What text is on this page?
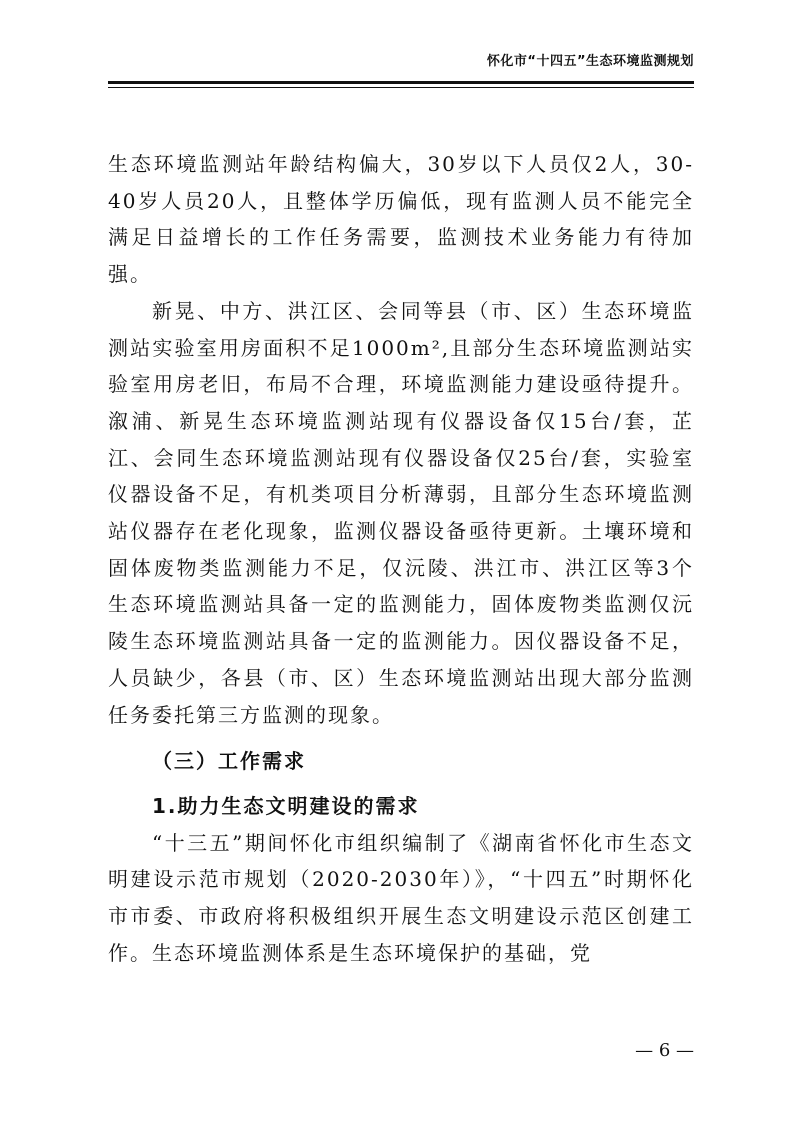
怀化市“十四五”生态环境监测规划

生态环境监测站年龄结构偏大，30岁以下人员仅2人，30-40岁人员20人，且整体学历偏低，现有监测人员不能完全满足日益增长的工作任务需要，监测技术业务能力有待加强。

新晃、中方、洪江区、会同等县（市、区）生态环境监测站实验室用房面积不足1000m²,且部分生态环境监测站实验室用房老旧，布局不合理，环境监测能力建设亟待提升。溆浦、新晃生态环境监测站现有仪器设备仅15台/套，芷江、会同生态环境监测站现有仪器设备仅25台/套，实验室仪器设备不足，有机类项目分析薄弱，且部分生态环境监测站仪器存在老化现象，监测仪器设备亟待更新。土壤环境和固体废物类监测能力不足，仅沅陵、洪江市、洪江区等3个生态环境监测站具备一定的监测能力，固体废物类监测仅沅陵生态环境监测站具备一定的监测能力。因仪器设备不足，人员缺少，各县（市、区）生态环境监测站出现大部分监测任务委托第三方监测的现象。

（三）工作需求

1.助力生态文明建设的需求

“十三五”期间怀化市组织编制了《湖南省怀化市生态文明建设示范市规划（2020-2030年）》，“十四五”时期怀化市市委、市政府将积极组织开展生态文明建设示范区创建工作。生态环境监测体系是生态环境保护的基础，党

— 6 —
